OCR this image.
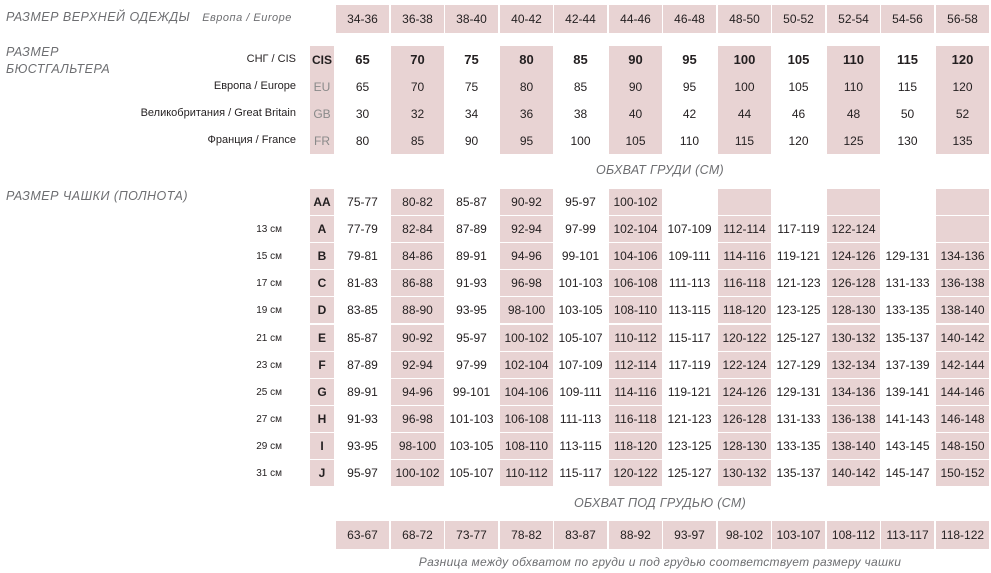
РАЗМЕР ВЕРХНЕЙ ОДЕЖДЫ Европа / Europe
РАЗМЕР
БЮСТГАЛЬТЕРА
РАЗМЕР ЧАШКИ (ПОЛНОТА)
34-36	36-38	38-40	40-42	42-44	44-46	46-48	48-50	50-52	52-54	54-56	56-58
СНГ / CIS CIS	65	70	75	80	85	90	95	100	105	110	115	120
Европа / Europe	EU	65	70	75	80	85	90	95	100	105	110	115	120
Великобритания / Great Britain GB	30	32	34	36	38	40	42	44	46	48	50	52
Франция / France	FR	80	85	90	95	100	105	110	115	120	125	130	135
ОБХВАТ ГРУДИ (СМ)
AA	75-77	80-82	85-87	90-92	95-97	100-102
13 см	A	77-79	82-84	87-89	92-94	97-99	102-104 107-109 112-114 117-119 122-124
15 см	B	79-81	84-86	89-91	94-96	99-101	104-106 109-111	114-116 119-121 124-126 129-131 134-136
17 см	C	81-83	86-88	91-93	96-98	101-103 106-108 111-113	116-118 121-123 126-128 131-133 136-138
19 см	D	83-85	88-90	93-95	98-100	103-105 108-110 113-115	118-120 123-125 128-130 133-135 138-140
21 см	E	85-87	90-92	95-97	100-102 105-107 110-112 115-117 120-122 125-127 130-132 135-137 140-142
23 см	F	87-89	92-94	97-99	102-104 107-109 112-114 117-119 122-124 127-129 132-134 137-139 142-144
25 см	G	89-91	94-96	99-101	104-106 109-111	114-116 119-121 124-126 129-131 134-136 139-141 144-146
27 см	H	91-93	96-98	101-103 106-108 111-113	116-118 121-123 126-128 131-133 136-138 141-143 146-148
29 см	I	93-95	98-100	103-105 108-110 113-115	118-120 123-125 128-130 133-135 138-140 143-145 148-150
31 см	J	95-97	100-102 105-107 110-112 115-117 120-122 125-127 130-132 135-137 140-142 145-147 150-152
ОБХВАТ ПОД ГРУДЬЮ (СМ)
63-67	68-72	73-77	78-82	83-87	88-92	93-97	98-102	103-107 108-112 113-117	118-122
Разница между обхватом по груди и под грудью соответствует размеру чашки
